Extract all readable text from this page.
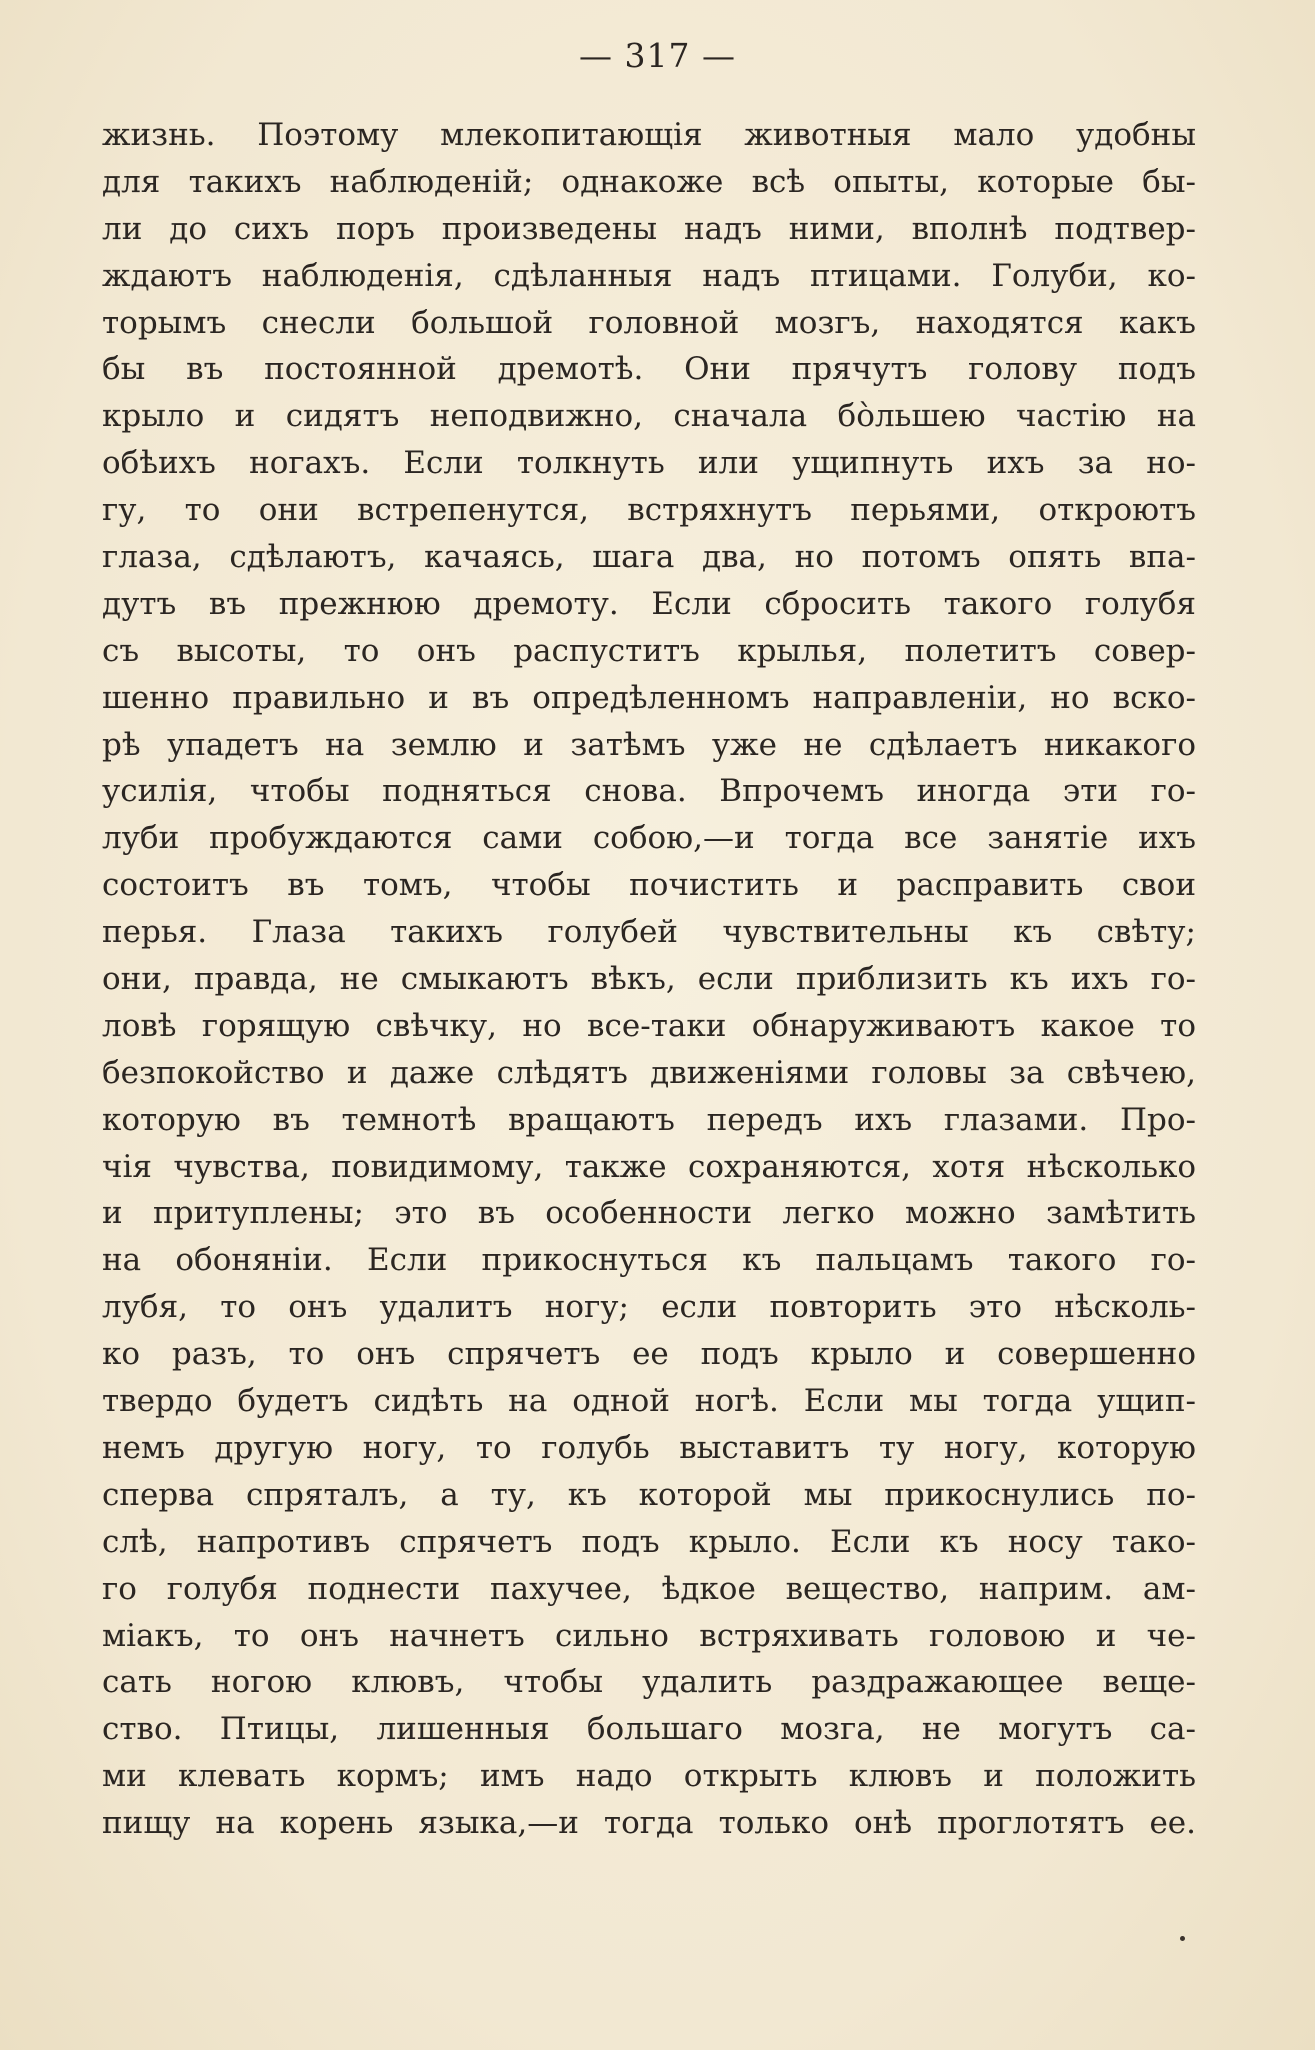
— 317 —
жизнь. Поэтому млекопитающія животныя мало удобны
для такихъ наблюденій; однакоже всѣ опыты, которые бы-
ли до сихъ поръ произведены надъ ними, вполнѣ подтвер-
ждаютъ наблюденія, сдѣланныя надъ птицами. Голуби, ко-
торымъ снесли большой головной мозгъ, находятся какъ
бы въ постоянной дремотѣ. Они прячутъ голову подъ
крыло и сидятъ неподвижно, сначала бо̀льшею частію на
обѣихъ ногахъ. Если толкнуть или ущипнуть ихъ за но-
гу, то они встрепенутся, встряхнутъ перьями, откроютъ
глаза, сдѣлаютъ, качаясь, шага два, но потомъ опять впа-
дутъ въ прежнюю дремоту. Если сбросить такого голубя
съ высоты, то онъ распуститъ крылья, полетитъ совер-
шенно правильно и въ опредѣленномъ направленіи, но вско-
рѣ упадетъ на землю и затѣмъ уже не сдѣлаетъ никакого
усилія, чтобы подняться снова. Впрочемъ иногда эти го-
луби пробуждаются сами собою,—и тогда все занятіе ихъ
состоитъ въ томъ, чтобы почистить и расправить свои
перья. Глаза такихъ голубей чувствительны къ свѣту;
они, правда, не смыкаютъ вѣкъ, если приблизить къ ихъ го-
ловѣ горящую свѣчку, но все-таки обнаруживаютъ какое то
безпокойство и даже слѣдятъ движеніями головы за свѣчею,
которую въ темнотѣ вращаютъ передъ ихъ глазами. Про-
чія чувства, повидимому, также сохраняются, хотя нѣсколько
и притуплены; это въ особенности легко можно замѣтить
на обоняніи. Если прикоснуться къ пальцамъ такого го-
лубя, то онъ удалитъ ногу; если повторить это нѣсколь-
ко разъ, то онъ спрячетъ ее подъ крыло и совершенно
твердо будетъ сидѣть на одной ногѣ. Если мы тогда ущип-
немъ другую ногу, то голубь выставитъ ту ногу, которую
сперва спряталъ, а ту, къ которой мы прикоснулись по-
слѣ, напротивъ спрячетъ подъ крыло. Если къ носу тако-
го голубя поднести пахучее, ѣдкое вещество, наприм. ам-
міакъ, то онъ начнетъ сильно встряхивать головою и че-
сать ногою клювъ, чтобы удалить раздражающее веще-
ство. Птицы, лишенныя большаго мозга, не могутъ са-
ми клевать кормъ; имъ надо открыть клювъ и положить
пищу на корень языка,—и тогда только онѣ проглотятъ ее.
